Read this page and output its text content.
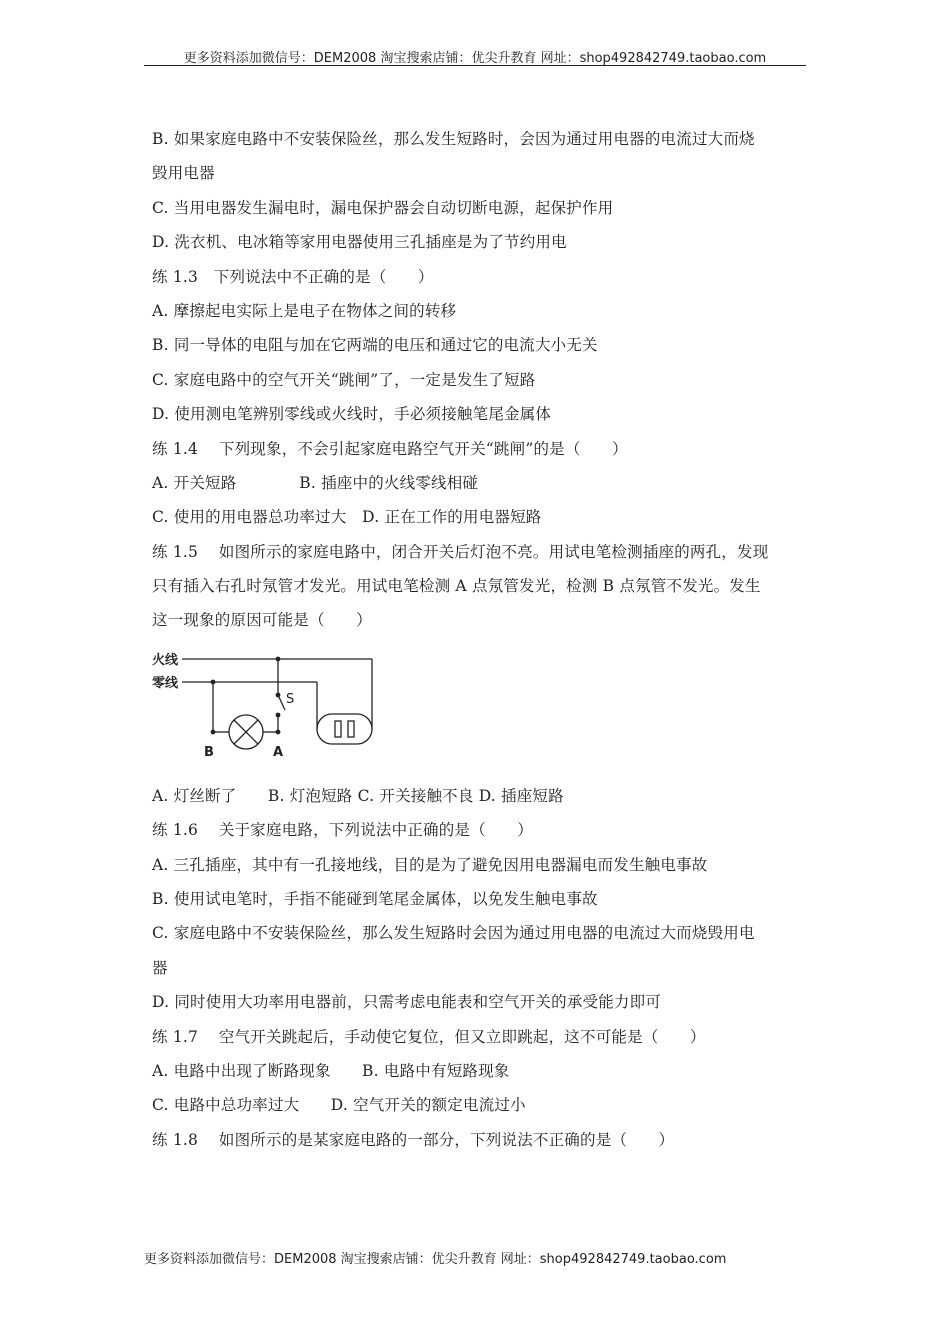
更多资料添加微信号：DEM2008 淘宝搜索店铺：优尖升教育 网址：shop492842749.taobao.com
B. 如果家庭电路中不安装保险丝，那么发生短路时，会因为通过用电器的电流过大而烧
毁用电器
C. 当用电器发生漏电时，漏电保护器会自动切断电源，起保护作用
D. 洗衣机、电冰箱等家用电器使用三孔插座是为了节约用电
练 1.3　下列说法中不正确的是（　　）
A. 摩擦起电实际上是电子在物体之间的转移
B. 同一导体的电阻与加在它两端的电压和通过它的电流大小无关
C. 家庭电路中的空气开关“跳闸”了，一定是发生了短路
D. 使用测电笔辨别零线或火线时，手必须接触笔尾金属体
练 1.4　 下列现象，不会引起家庭电路空气开关“跳闸”的是（　　）
A. 开关短路　　　　B. 插座中的火线零线相碰
C. 使用的用电器总功率过大　D. 正在工作的用电器短路
练 1.5　 如图所示的家庭电路中，闭合开关后灯泡不亮。用试电笔检测插座的两孔，发现
只有插入右孔时氖管才发光。用试电笔检测 A 点氖管发光，检测 B 点氖管不发光。发生
这一现象的原因可能是（　　）
火线
零线
S
B	A
A. 灯丝断了　　B. 灯泡短路 C. 开关接触不良 D. 插座短路
练 1.6　 关于家庭电路，下列说法中正确的是（　　）
A. 三孔插座，其中有一孔接地线，目的是为了避免因用电器漏电而发生触电事故
B. 使用试电笔时，手指不能碰到笔尾金属体，以免发生触电事故
C. 家庭电路中不安装保险丝，那么发生短路时会因为通过用电器的电流过大而烧毁用电
器
D. 同时使用大功率用电器前，只需考虑电能表和空气开关的承受能力即可
练 1.7　 空气开关跳起后，手动使它复位，但又立即跳起，这不可能是（　　）
A. 电路中出现了断路现象　　B. 电路中有短路现象
C. 电路中总功率过大　　D. 空气开关的额定电流过小
练 1.8　 如图所示的是某家庭电路的一部分，下列说法不正确的是（　　）
更多资料添加微信号：DEM2008 淘宝搜索店铺：优尖升教育 网址：shop492842749.taobao.com
